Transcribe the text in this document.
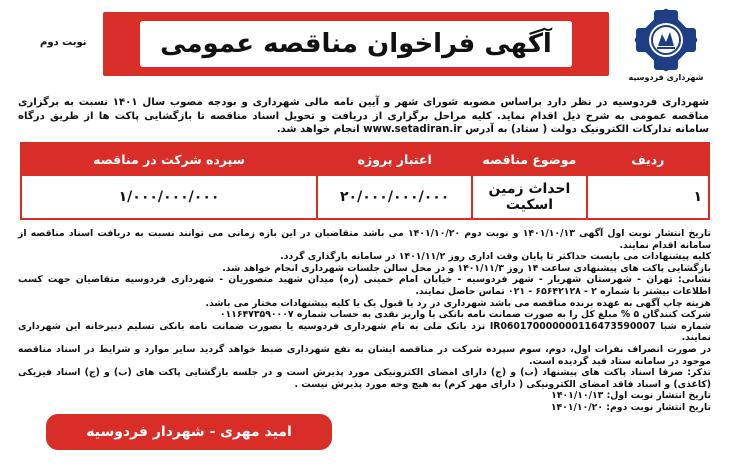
شهرداری فردوسیه
آگهی فراخوان مناقصه عمومی
نوبت دوم
شهرداری فردوسیه در نظر دارد براساس مصوبه شورای شهر و آیین نامه مالی شهرداری و بودجه مصوب سال ۱۴۰۱ نسبت به برگزاری مناقصه عمومی به شرح ذیل اقدام نماید. کلیه مراحل برگزاری از دریافت و تحویل اسناد مناقصه تا بازگشایی پاکت ها از طریق درگاه سامانه تدارکات الکترونیک دولت ( ستاد) به آدرس www.setadiran.ir انجام خواهد شد.
ردیف	موضوع مناقصه	اعتبار پروژه	سپرده شرکت در مناقصه
۱	احداث زمین اسکیت	۲۰/۰۰۰/۰۰۰/۰۰۰	۱/۰۰۰/۰۰۰/۰۰۰

تاریخ انتشار نوبت اول آگهی ۱۴۰۱/۱۰/۱۳ و نوبت دوم ۱۴۰۱/۱۰/۲۰ می باشد متقاضیان در این بازه زمانی می توانند نسبت به دریافت اسناد مناقصه از سامانه اقدام نمایند.

کلیه پیشنهادات می بایست حداکثر تا پایان وقت اداری روز ۱۴۰۱/۱۱/۲ در سامانه بارگذاری گردد.

بازگشایی پاکت های پیشنهادی ساعت ۱۴ روز ۱۴۰۱/۱۱/۳ و در محل سالن جلسات شهرداری انجام خواهد شد.

نشانی: تهران - شهرستان شهریار - شهر فردوسیه - خیابان امام خمینی (ره) میدان شهید منصوریان - شهرداری فردوسیه متقاضیان جهت کسب اطلاعات بیشتر با شماره ۲ - ۶۵۶۴۲۱۲۸ - ۰۲۱ تماس حاصل نمایند.

هزینه چاپ آگهی به عهده برنده مناقصه می باشد شهرداری در رد یا قبول یک یا کلیه پیشنهادات مختار می باشد.

شرکت کنندگان ۵ % مبلغ کل را به صورت ضمانت نامه بانکی یا واریز نقدی به حساب شماره ۰۱۱۶۴۷۳۵۹۰۰۰۷

شماره شبا IR060170000000116473590007 نزد بانک ملی به نام شهرداری فردوسیه یا بصورت ضمانت نامه بانکی تسلیم دبیرخانه این شهرداری نمایند.

در صورت انصراف نفرات اول، دوم، سوم سپرده شرکت در مناقصه ایشان به نفع شهرداری ضبط خواهد گردید سایر موارد و شرایط در اسناد مناقصه موجود در سامانه ستاد قید گردیده است.

تذکر: صرفا اسناد پاکت های پیشنهاد (ب) و (ج) دارای امضای الکترونیکی مورد پذیرش است و در جلسه بازگشایی پاکت های (ب) و (ج) اسناد فیزیکی (کاغذی) و اسناد فاقد امضای الکترونیکی ( دارای مهر کرم) به هیچ وجه مورد پذیرش نیست .

تاریخ انتشار نوبت اول: ۱۴۰۱/۱۰/۱۳

تاریخ انتشار نوبت دوم: ۱۴۰۱/۱۰/۲۰

امید مهری - شهردار فردوسیه
